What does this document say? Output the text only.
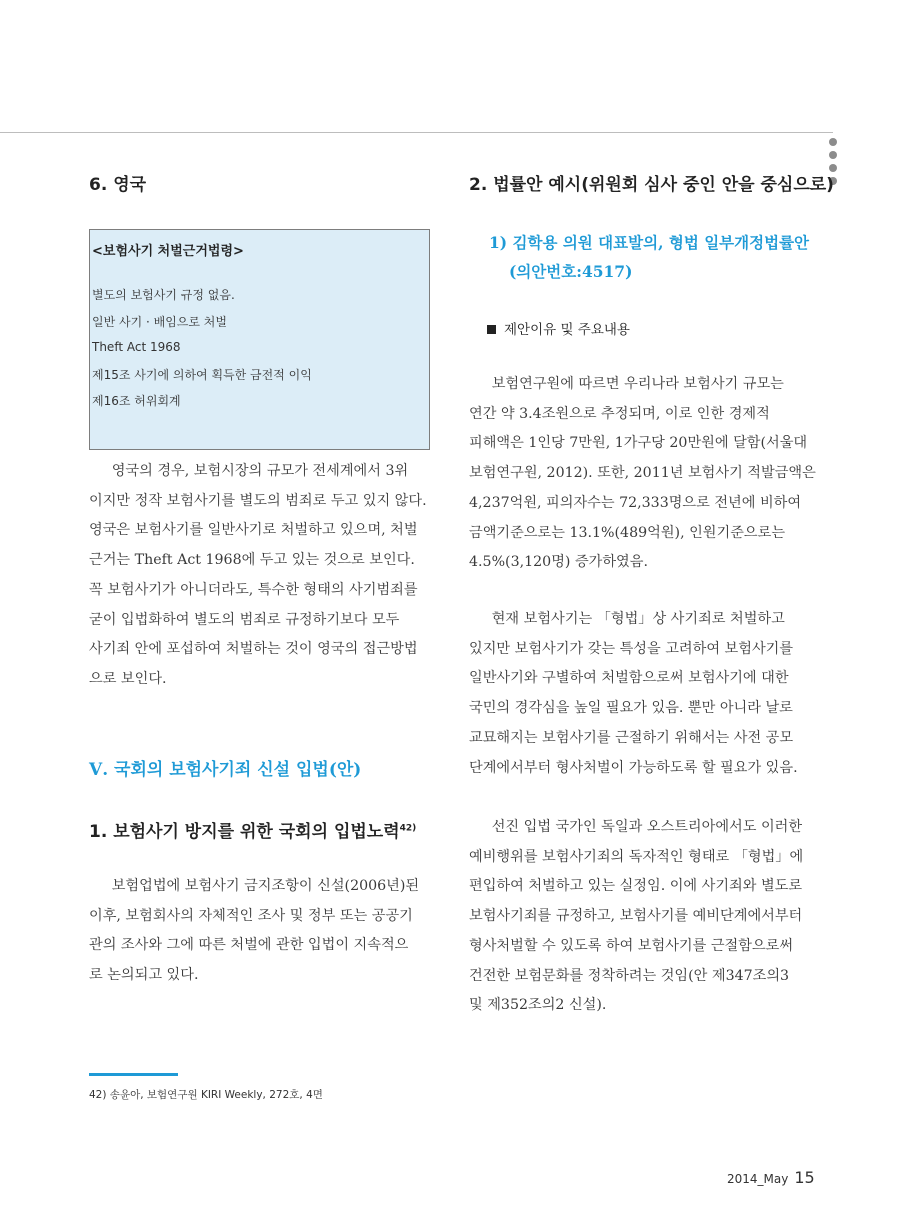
6. 영국
<보험사기 처벌근거법령>
별도의 보험사기 규정 없음.
일반 사기 · 배임으로 처벌
Theft Act 1968
제15조 사기에 의하여 획득한 금전적 이익
제16조 허위회계

영국의 경우, 보험시장의 규모가 전세계에서 3위

이지만 정작 보험사기를 별도의 범죄로 두고 있지 않다.

영국은 보험사기를 일반사기로 처벌하고 있으며, 처벌

근거는 Theft Act 1968에 두고 있는 것으로 보인다.

꼭 보험사기가 아니더라도, 특수한 형태의 사기범죄를

굳이 입법화하여 별도의 범죄로 규정하기보다 모두

사기죄 안에 포섭하여 처벌하는 것이 영국의 접근방법

으로 보인다.

Ⅴ. 국회의 보험사기죄 신설 입법(안)
1. 보험사기 방지를 위한 국회의 입법노력$^{42)}$

보험업법에 보험사기 금지조항이 신설(2006년)된

이후, 보험회사의 자체적인 조사 및 정부 또는 공공기

관의 조사와 그에 따른 처벌에 관한 입법이 지속적으

로 논의되고 있다.

2. 법률안 예시(위원회 심사 중인 안을 중심으로)
1) 김학용 의원 대표발의, 형법 일부개정법률안
(의안번호:4517)
제안이유 및 주요내용

보험연구원에 따르면 우리나라 보험사기 규모는

연간 약 3.4조원으로 추정되며, 이로 인한 경제적

피해액은 1인당 7만원, 1가구당 20만원에 달함(서울대

보험연구원, 2012). 또한, 2011년 보험사기 적발금액은

4,237억원, 피의자수는 72,333명으로 전년에 비하여

금액기준으로는 13.1%(489억원), 인원기준으로는

4.5%(3,120명) 증가하였음.

현재 보험사기는 「형법」상 사기죄로 처벌하고

있지만 보험사기가 갖는 특성을 고려하여 보험사기를

일반사기와 구별하여 처벌함으로써 보험사기에 대한

국민의 경각심을 높일 필요가 있음. 뿐만 아니라 날로

교묘해지는 보험사기를 근절하기 위해서는 사전 공모

단계에서부터 형사처벌이 가능하도록 할 필요가 있음.

선진 입법 국가인 독일과 오스트리아에서도 이러한

예비행위를 보험사기죄의 독자적인 형태로 「형법」에

편입하여 처벌하고 있는 실정임. 이에 사기죄와 별도로

보험사기죄를 규정하고, 보험사기를 예비단계에서부터

형사처벌할 수 있도록 하여 보험사기를 근절함으로써

건전한 보험문화를 정착하려는 것임(안 제347조의3

및 제352조의2 신설).

42) 송윤아, 보험연구원 KIRI Weekly, 272호, 4면
2014_May 15
